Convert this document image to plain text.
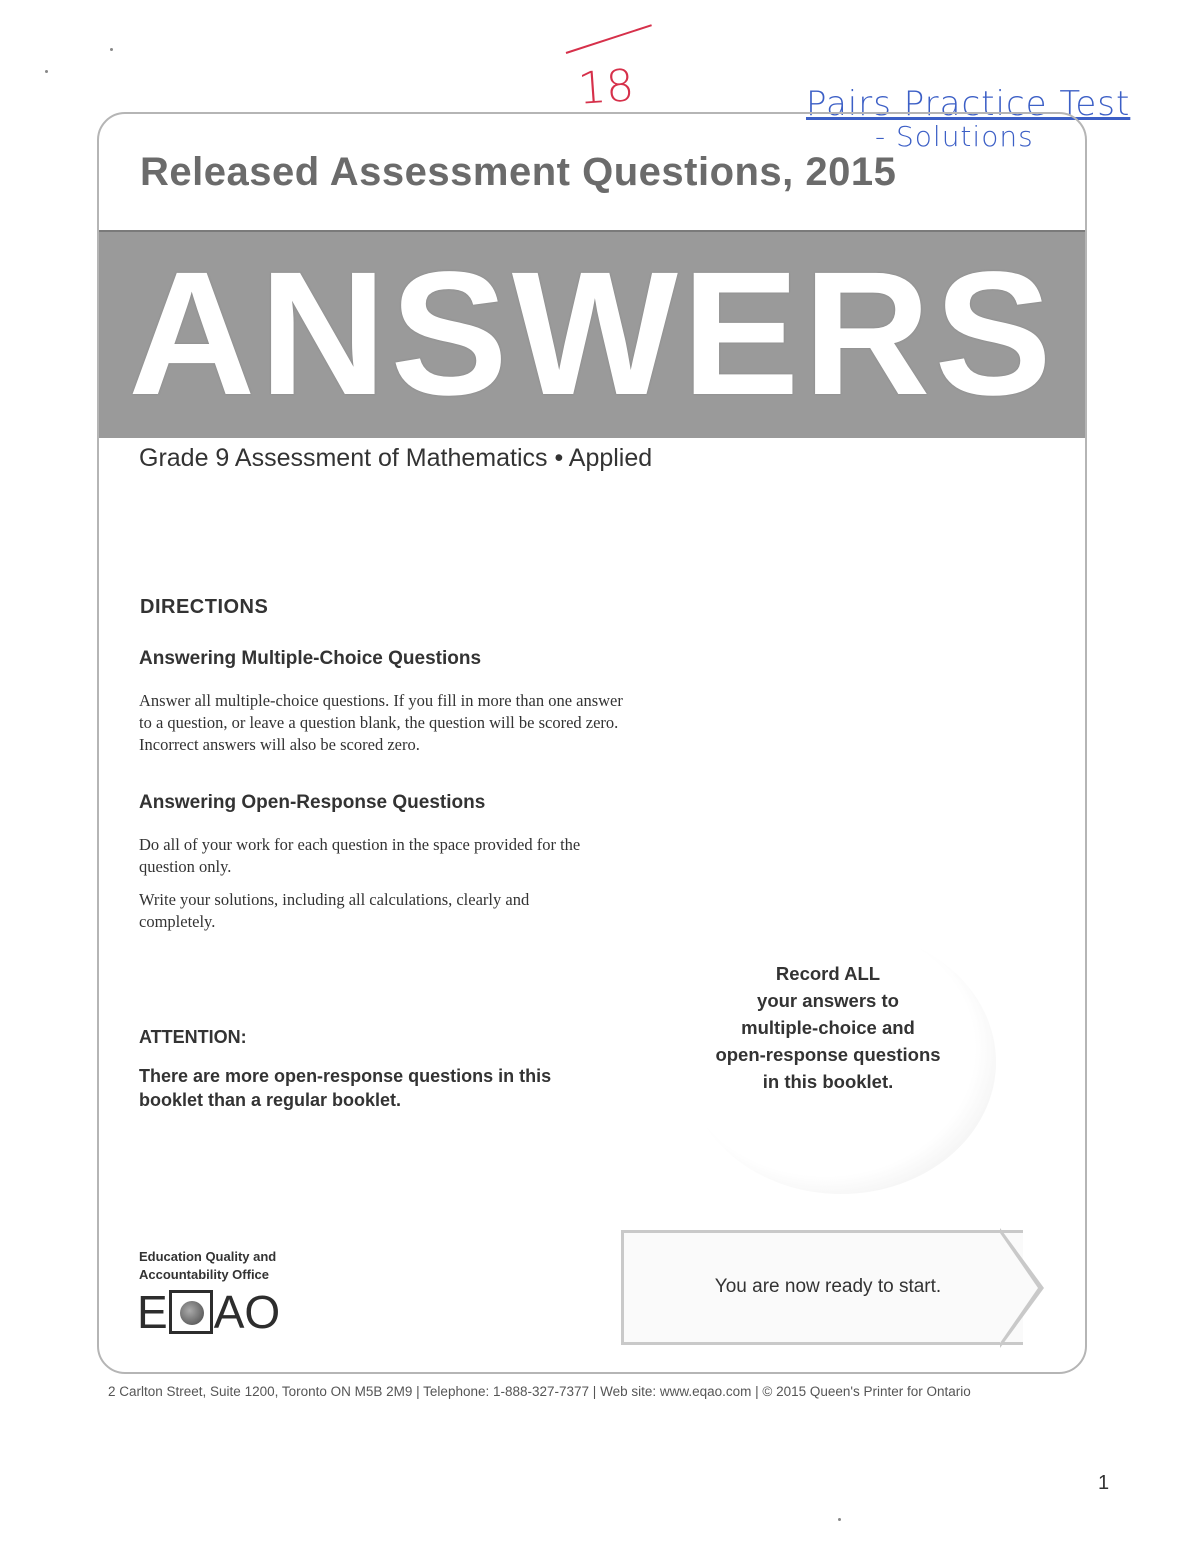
18	Pairs Practice Test
- Solutions
Released Assessment Questions, 2015
ANSWERS
Grade 9 Assessment of Mathematics • Applied
DIRECTIONS
Answering Multiple-Choice Questions
Answer all multiple-choice questions. If you fill in more than one answer to a question, or leave a question blank, the question will be scored zero. Incorrect answers will also be scored zero.
Answering Open-Response Questions
Do all of your work for each question in the space provided for the question only.
Write your solutions, including all calculations, clearly and completely.
ATTENTION:
There are more open-response questions in this booklet than a regular booklet.
Record ALL
your answers to
multiple-choice and
open-response questions
in this booklet.
You are now ready to start.
Education Quality and
Accountability Office
E AO
2 Carlton Street, Suite 1200, Toronto ON M5B 2M9 | Telephone: 1-888-327-7377 | Web site: www.eqao.com | © 2015 Queen's Printer for Ontario
1
